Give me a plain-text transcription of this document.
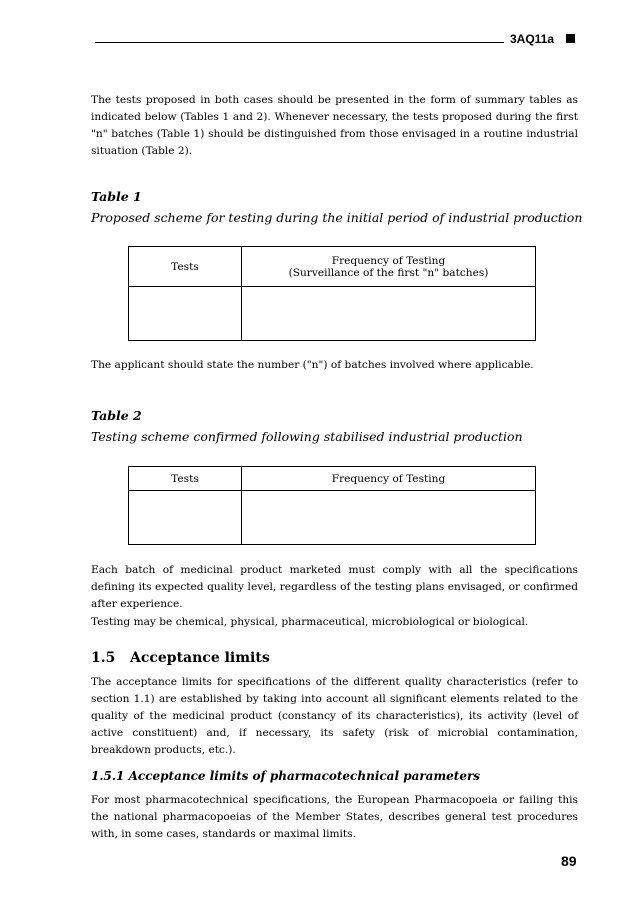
3AQ11a
The tests proposed in both cases should be presented in the form of summary tables as indicated below (Tables 1 and 2). Whenever necessary, the tests proposed during the first "n" batches (Table 1) should be distinguished from those envisaged in a routine industrial situation (Table 2).
Table 1
Proposed scheme for testing during the initial period of industrial production
Tests	Frequency of Testing
(Surveillance of the first "n" batches)

The applicant should state the number ("n") of batches involved where applicable.
Table 2
Testing scheme confirmed following stabilised industrial production
Tests	Frequency of Testing

Each batch of medicinal product marketed must comply with all the specifications defining its expected quality level, regardless of the testing plans envisaged, or confirmed after experience.
Testing may be chemical, physical, pharmaceutical, microbiological or biological.
1.5   Acceptance limits
The acceptance limits for specifications of the different quality characteristics (refer to section 1.1) are established by taking into account all significant elements related to the quality of the medicinal product (constancy of its characteristics), its activity (level of active constituent) and, if necessary, its safety (risk of microbial contamination, breakdown products, etc.).
1.5.1 Acceptance limits of pharmacotechnical parameters
For most pharmacotechnical specifications, the European Pharmacopoeia or failing this the national pharmacopoeias of the Member States, describes general test procedures with, in some cases, standards or maximal limits.
89
